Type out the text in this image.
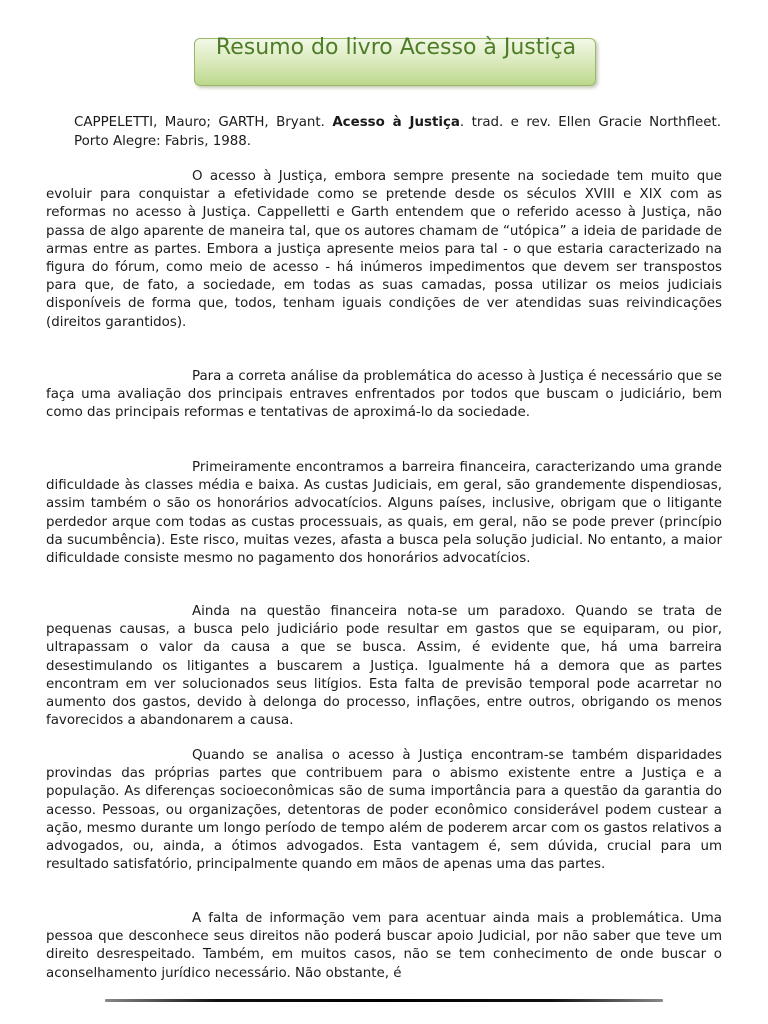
Resumo do livro Acesso à Justiça
CAPPELETTI, Mauro; GARTH, Bryant. Acesso à Justiça. trad. e rev. Ellen Gracie Northfleet. Porto Alegre: Fabris, 1988.

O acesso à Justiça, embora sempre presente na sociedade tem muito que evoluir para conquistar a efetividade como se pretende desde os séculos XVIII e XIX com as reformas no acesso à Justiça. Cappelletti e Garth entendem que o referido acesso à Justiça, não passa de algo aparente de maneira tal, que os autores chamam de “utópica” a ideia de paridade de armas entre as partes. Embora a justiça apresente meios para tal - o que estaria caracterizado na figura do fórum, como meio de acesso - há inúmeros impedimentos que devem ser transpostos para que, de fato, a sociedade, em todas as suas camadas, possa utilizar os meios judiciais disponíveis de forma que, todos, tenham iguais condições de ver atendidas suas reivindicações (direitos garantidos).

Para a correta análise da problemática do acesso à Justiça é necessário que se faça uma avaliação dos principais entraves enfrentados por todos que buscam o judiciário, bem como das principais reformas e tentativas de aproximá-lo da sociedade.

Primeiramente encontramos a barreira financeira, caracterizando uma grande dificuldade às classes média e baixa. As custas Judiciais, em geral, são grandemente dispendiosas, assim também o são os honorários advocatícios. Alguns países, inclusive, obrigam que o litigante perdedor arque com todas as custas processuais, as quais, em geral, não se pode prever (princípio da sucumbência). Este risco, muitas vezes, afasta a busca pela solução judicial. No entanto, a maior dificuldade consiste mesmo no pagamento dos honorários advocatícios.

Ainda na questão financeira nota-se um paradoxo. Quando se trata de pequenas causas, a busca pelo judiciário pode resultar em gastos que se equiparam, ou pior, ultrapassam o valor da causa a que se busca. Assim, é evidente que, há uma barreira desestimulando os litigantes a buscarem a Justiça. Igualmente há a demora que as partes encontram em ver solucionados seus litígios. Esta falta de previsão temporal pode acarretar no aumento dos gastos, devido à delonga do processo, inflações, entre outros, obrigando os menos favorecidos a abandonarem a causa.

Quando se analisa o acesso à Justiça encontram-se também disparidades provindas das próprias partes que contribuem para o abismo existente entre a Justiça e a população. As diferenças socioeconômicas são de suma importância para a questão da garantia do acesso. Pessoas, ou organizações, detentoras de poder econômico considerável podem custear a ação, mesmo durante um longo período de tempo além de poderem arcar com os gastos relativos a advogados, ou, ainda, a ótimos advogados. Esta vantagem é, sem dúvida, crucial para um resultado satisfatório, principalmente quando em mãos de apenas uma das partes.

A falta de informação vem para acentuar ainda mais a problemática. Uma pessoa que desconhece seus direitos não poderá buscar apoio Judicial, por não saber que teve um direito desrespeitado. Também, em muitos casos, não se tem conhecimento de onde buscar o aconselhamento jurídico necessário. Não obstante, é
